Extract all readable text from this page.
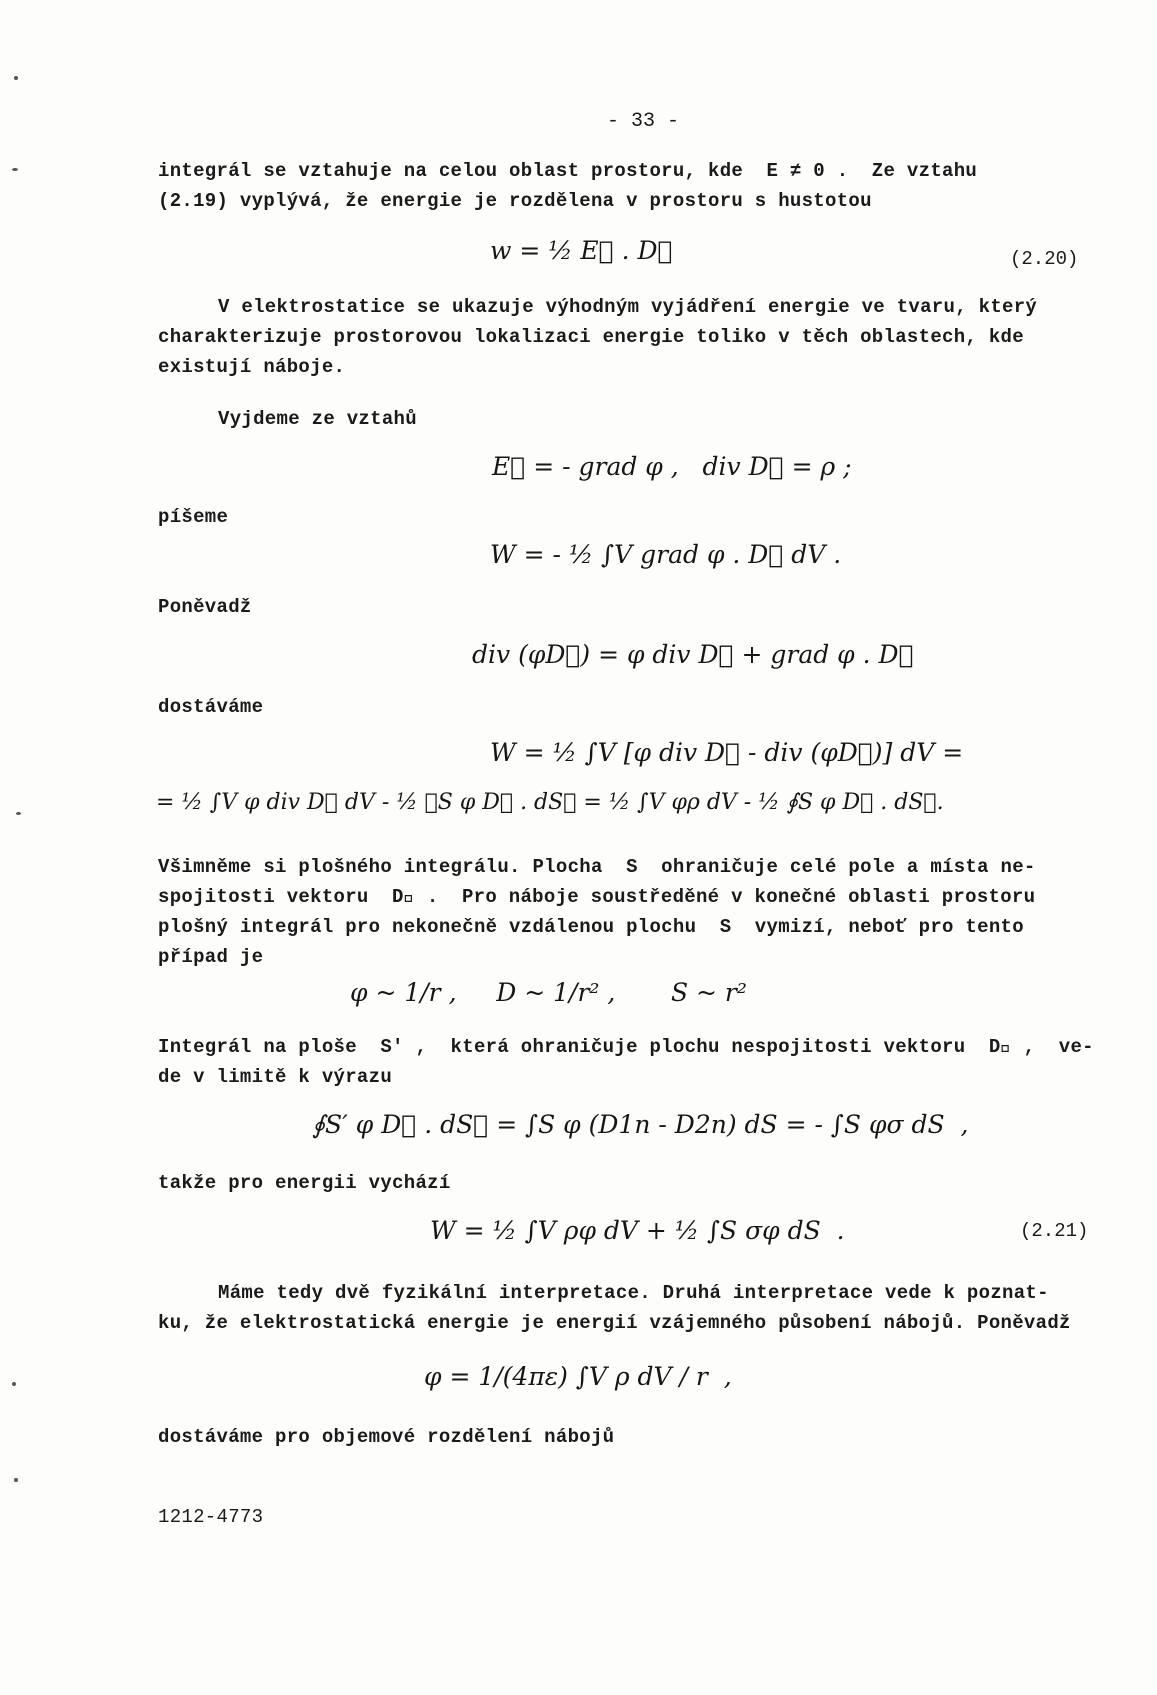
- 33 -
integrál se vztahuje na celou oblast prostoru, kde  E ≠ 0 .  Ze vztahu
(2.19) vyplývá, že energie je rozdělena v prostoru s hustotou
w = ½ E⃗ . D⃗	(2.20)
V elektrostatice se ukazuje výhodným vyjádření energie ve tvaru, který
charakterizuje prostorovou lokalizaci energie toliko v těch oblastech, kde
existují náboje.
Vyjdeme ze vztahů
E⃗ = - grad φ ,   div D⃗ = ρ ;
píšeme
W = - ½ ∫V grad φ . D⃗ dV .
Poněvadž
div (φD⃗) = φ div D⃗ + grad φ . D⃗
dostáváme
W = ½ ∫V [φ div D⃗ - div (φD⃗)] dV =
= ½ ∫V φ div D⃗ dV - ½ ∮S φ D⃗ . dS⃗ = ½ ∫V φρ dV - ½ ∮S φ D⃗ . dS⃗.
Všimněme si plošného integrálu. Plocha  S  ohraničuje celé pole a místa ne-
spojitosti vektoru  D⃗ .  Pro náboje soustředěné v konečné oblasti prostoru
plošný integrál pro nekonečně vzdálenou plochu  S  vymizí, neboť pro tento
případ je
φ ~ 1/r ,     D ~ 1/r² ,       S ~ r²
Integrál na ploše  S′ ,  která ohraničuje plochu nespojitosti vektoru  D⃗ ,  ve-
de v limitě k výrazu
∮S′ φ D⃗ . dS⃗ = ∫S φ (D1n - D2n) dS = - ∫S φσ dS  ,
takže pro energii vychází
W = ½ ∫V ρφ dV + ½ ∫S σφ dS  .	(2.21)
Máme tedy dvě fyzikální interpretace. Druhá interpretace vede k poznat-
ku, že elektrostatická energie je energií vzájemného působení nábojů. Poněvadž
φ = 1/(4πε) ∫V ρ dV / r  ,
dostáváme pro objemové rozdělení nábojů
1212-4773
